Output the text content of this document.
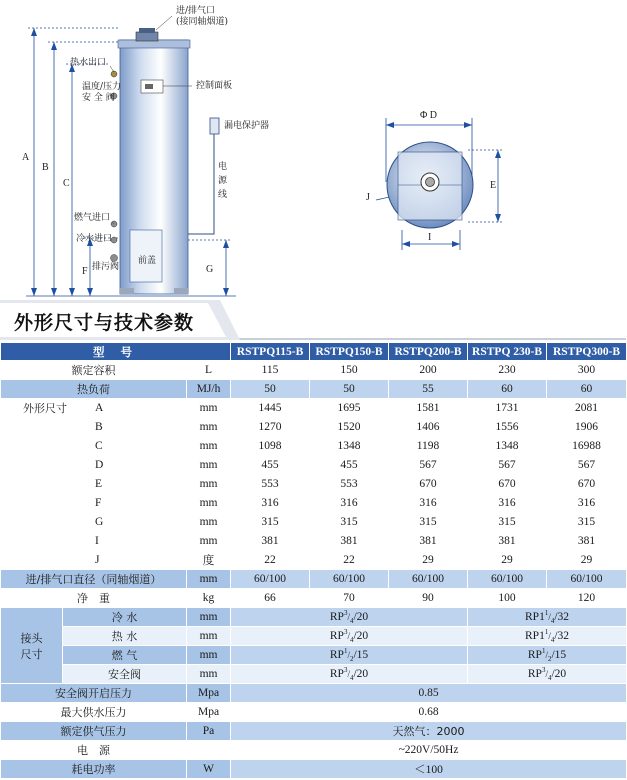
进/排气口
(接同轴烟道)
热水出口
温度/压力
安 全 阀
控制面板
漏电保护器
电源线
燃气进口
冷水进口
排污阀
前盖
A
B
C
F	G
Φ D
E
J
I
外形尺寸与技术参数
型 号			RSTPQ115-B	RSTPQ150-B	RSTPQ200-B	RSTPQ 230-B	RSTPQ300-B
额定容积		L	115	150	200	230	300
热负荷		MJ/h	50	50	55	60	60
外形尺寸	A	mm	1445	1695	1581	1731	2081
	B	mm	1270	1520	1406	1556	1906
	C	mm	1098	1348	1198	1348	16988
	D	mm	455	455	567	567	567
	E	mm	553	553	670	670	670
	F	mm	316	316	316	316	316
	G	mm	315	315	315	315	315
	I	mm	381	381	381	381	381
	J	度	22	22	29	29	29
进/排气口直径（同轴烟道）		mm	60/100	60/100	60/100	60/100	60/100
净　重		kg	66	70	90	100	120

接头
尺寸	冷 水	mm	$RP^3/_4/20$			$RP1^1/_4/32$	
	热 水	mm	$RP^3/_4/20$			$RP1^1/_4/32$	
	燃 气	mm	$RP^1/_2/15$			$RP^1/_2/15$	
	安全阀	mm	$RP^3/_4/20$			$RP^3/_4/20$	
安全阀开启压力		Mpa	0.85				
最大供水压力		Mpa	0.68				
额定供气压力		Pa	天然气：2000				
电　源			~220V/50Hz				
耗电功率		W	＜100				
